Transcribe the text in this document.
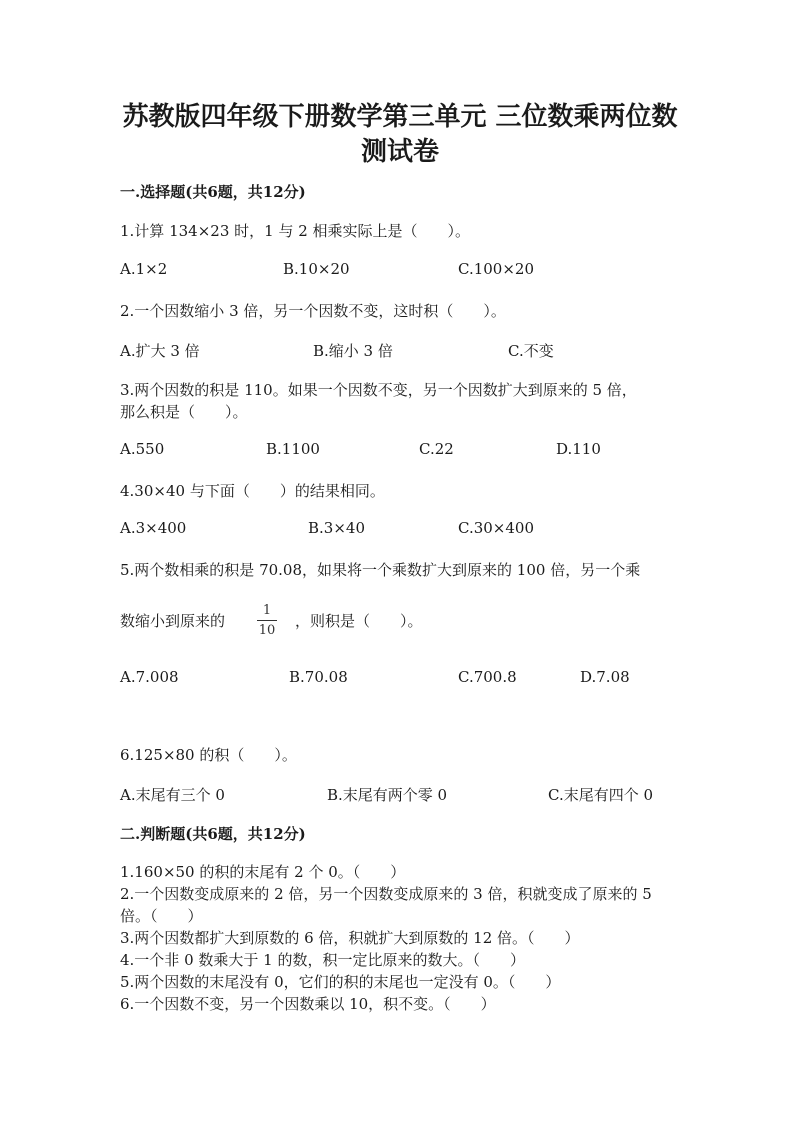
苏教版四年级下册数学第三单元 三位数乘两位数
测试卷
一.选择题(共6题，共12分)
1.计算 134×23 时，1 与 2 相乘实际上是（　　）。
A.1×2	B.10×20	C.100×20
2.一个因数缩小 3 倍，另一个因数不变，这时积（　　）。
A.扩大 3 倍	B.缩小 3 倍	C.不变
3.两个因数的积是 110。如果一个因数不变，另一个因数扩大到原来的 5 倍，
那么积是（　　）。
A.550	B.1100	C.22	D.110
4.30×40 与下面（　　）的结果相同。
A.3×400	B.3×40	C.30×400
5.两个数相乘的积是 70.08，如果将一个乘数扩大到原来的 100 倍，另一个乘
数缩小到原来的
1
10
，则积是（　　）。
A.7.008	B.70.08	C.700.8	D.7.08
6.125×80 的积（　　）。
A.末尾有三个 0	B.末尾有两个零 0	C.末尾有四个 0
二.判断题(共6题，共12分)
1.160×50 的积的末尾有 2 个 0。（　　）
2.一个因数变成原来的 2 倍，另一个因数变成原来的 3 倍，积就变成了原来的 5 倍。（　　）
3.两个因数都扩大到原数的 6 倍，积就扩大到原数的 12 倍。（　　）
4.一个非 0 数乘大于 1 的数，积一定比原来的数大。（　　）
5.两个因数的末尾没有 0，它们的积的末尾也一定没有 0。（　　）
6.一个因数不变，另一个因数乘以 10，积不变。（　　）
